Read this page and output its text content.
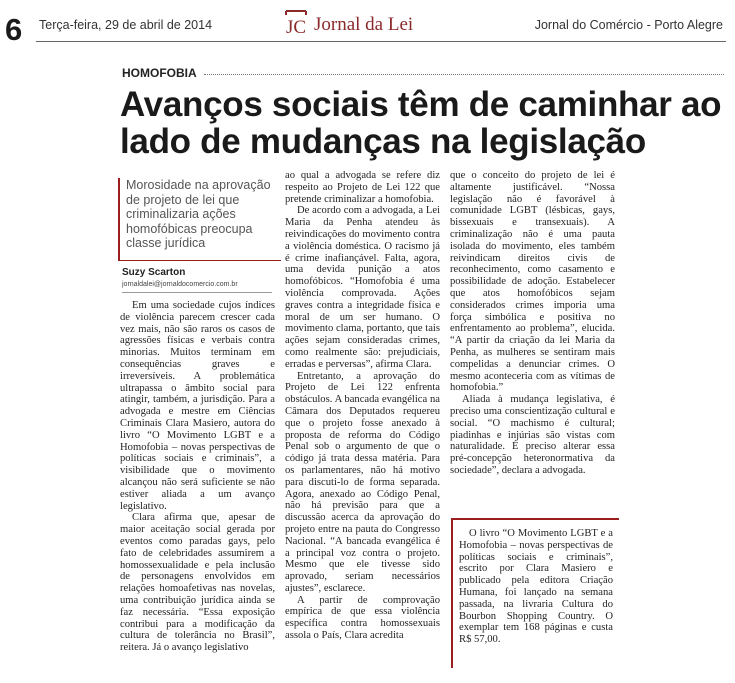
6 Terça-feira, 29 de abril de 2014	JC Jornal da Lei	Jornal do Comércio - Porto Alegre
HOMOFOBIA
Avanços sociais têm de caminhar ao lado de mudanças na legislação
Morosidade na aprovação de projeto de lei que criminalizaria ações homofóbicas preocupa classe jurídica
Suzy Scarton
jornaldalei@jornaldocomercio.com.br

Em uma sociedade cujos índices de violência parecem crescer cada vez mais, não são raros os casos de agressões físicas e verbais contra minorias. Muitos terminam em consequências graves e irreversíveis. A problemática ultrapassa o âmbito social para atingir, também, a jurisdição. Para a advogada e mestre em Ciências Criminais Clara Masiero, autora do livro “O Movimento LGBT e a Homofobia – novas perspectivas de políticas sociais e criminais”, a visibilidade que o movimento alcançou não será suficiente se não estiver aliada a um avanço legislativo.

Clara afirma que, apesar de maior aceitação social gerada por eventos como paradas gays, pelo fato de celebridades assumirem a homossexualidade e pela inclusão de personagens envolvidos em relações homoafetivas nas novelas, uma contribuição jurídica ainda se faz necessária. “Essa exposição contribui para a modificação da cultura de tolerância no Brasil”, reitera. Já o avanço legislativo

ao qual a advogada se refere diz respeito ao Projeto de Lei 122 que pretende criminalizar a homofobia.

De acordo com a advogada, a Lei Maria da Penha atendeu às reivindicações do movimento contra a violência doméstica. O racismo já é crime inafiançável. Falta, agora, uma devida punição a atos homofóbicos. “Homofobia é uma violência comprovada. Ações graves contra a integridade física e moral de um ser humano. O movimento clama, portanto, que tais ações sejam consideradas crimes, como realmente são: prejudiciais, erradas e perversas”, afirma Clara.

Entretanto, a aprovação do Projeto de Lei 122 enfrenta obstáculos. A bancada evangélica na Câmara dos Deputados requereu que o projeto fosse anexado à proposta de reforma do Código Penal sob o argumento de que o código já trata dessa matéria. Para os parlamentares, não há motivo para discuti-lo de forma separada. Agora, anexado ao Código Penal, não há previsão para que a discussão acerca da aprovação do projeto entre na pauta do Congresso Nacional. “A bancada evangélica é a principal voz contra o projeto. Mesmo que ele tivesse sido aprovado, seriam necessários ajustes”, esclarece.

A partir de comprovação empírica de que essa violência específica contra homossexuais assola o País, Clara acredita

que o conceito do projeto de lei é altamente justificável. “Nossa legislação não é favorável à comunidade LGBT (lésbicas, gays, bissexuais e transexuais). A criminalização não é uma pauta isolada do movimento, eles também reivindicam direitos civis de reconhecimento, como casamento e possibilidade de adoção. Estabelecer que atos homofóbicos sejam considerados crimes imporia uma força simbólica e positiva no enfrentamento ao problema”, elucida. “A partir da criação da lei Maria da Penha, as mulheres se sentiram mais compelidas a denunciar crimes. O mesmo aconteceria com as vítimas de homofobia.”

Aliada à mudança legislativa, é preciso uma conscientização cultural e social. “O machismo é cultural; piadinhas e injúrias são vistas com naturalidade. É preciso alterar essa pré-concepção heteronormativa da sociedade”, declara a advogada.

O livro “O Movimento LGBT e a Homofobia – novas perspectivas de políticas sociais e criminais”, escrito por Clara Masiero e publicado pela editora Criação Humana, foi lançado na semana passada, na livraria Cultura do Bourbon Shopping Country. O exemplar tem 168 páginas e custa R$ 57,00.
